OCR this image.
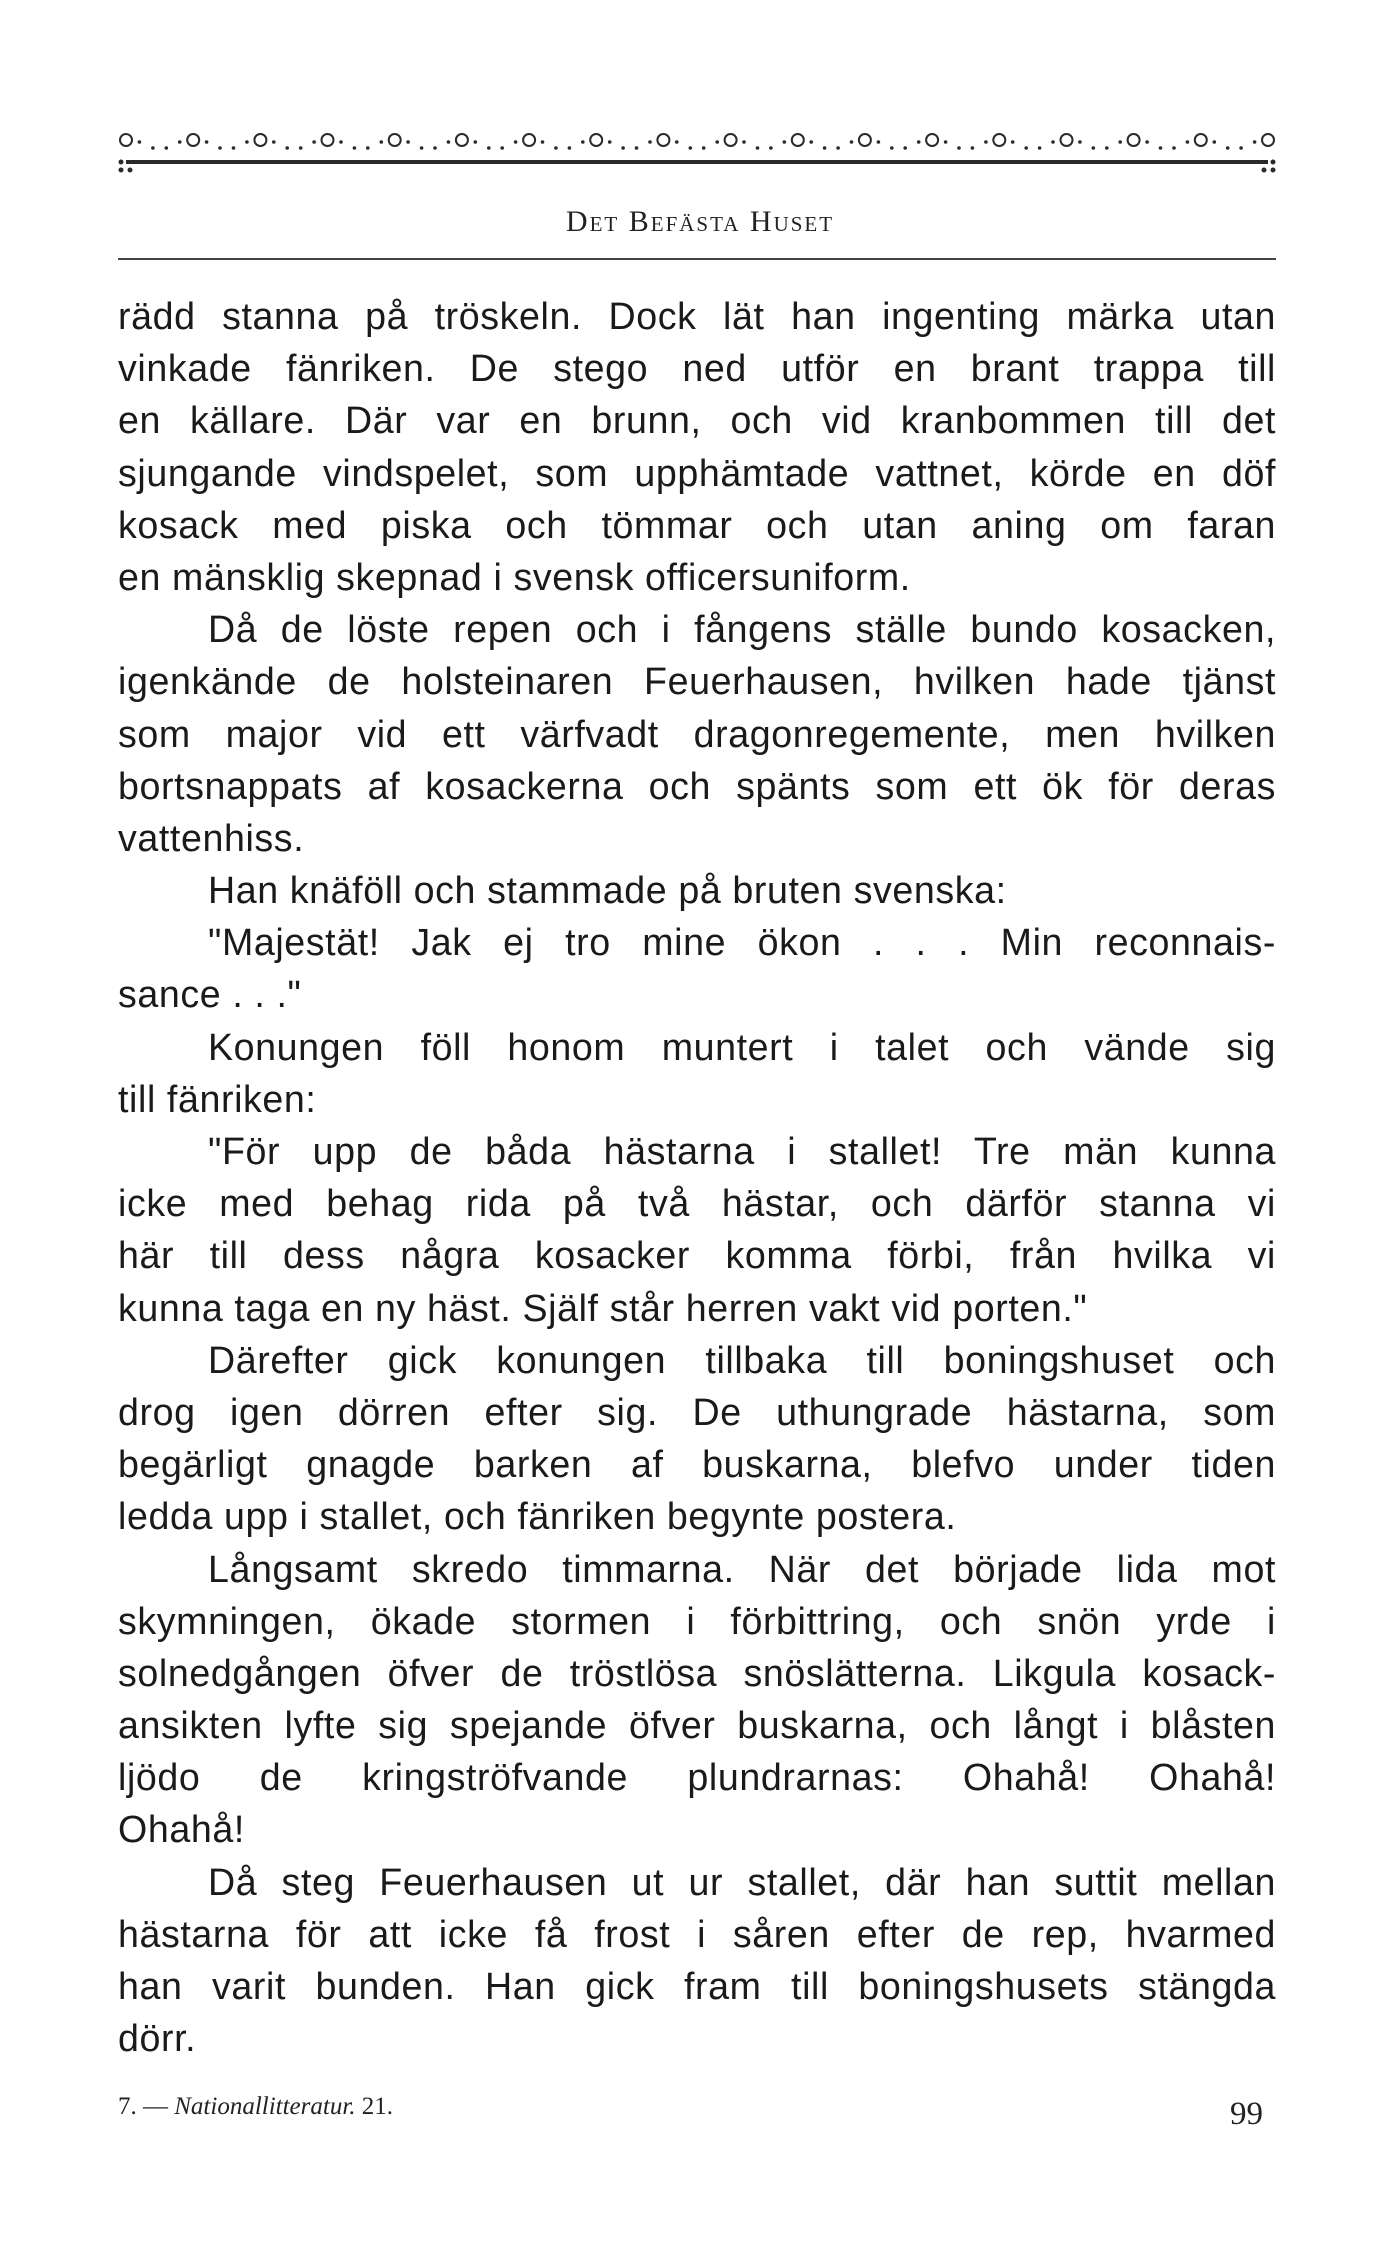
Det Befästa Huset
rädd stanna på tröskeln. Dock lät han ingenting märka utan
vinkade fänriken. De stego ned utför en brant trappa till
en källare. Där var en brunn, och vid kranbommen till det
sjungande vindspelet, som upphämtade vattnet, körde en döf
kosack med piska och tömmar och utan aning om faran
en mänsklig skepnad i svensk officersuniform.
Då de löste repen och i fångens ställe bundo kosacken,
igenkände de holsteinaren Feuerhausen, hvilken hade tjänst
som major vid ett värfvadt dragonregemente, men hvilken
bortsnappats af kosackerna och spänts som ett ök för deras
vattenhiss.
Han knäföll och stammade på bruten svenska:
"Majestät! Jak ej tro mine ökon . . . Min reconnais-
sance . . ."
Konungen föll honom muntert i talet och vände sig
till fänriken:
"För upp de båda hästarna i stallet! Tre män kunna
icke med behag rida på två hästar, och därför stanna vi
här till dess några kosacker komma förbi, från hvilka vi
kunna taga en ny häst. Själf står herren vakt vid porten."
Därefter gick konungen tillbaka till boningshuset och
drog igen dörren efter sig. De uthungrade hästarna, som
begärligt gnagde barken af buskarna, blefvo under tiden
ledda upp i stallet, och fänriken begynte postera.
Långsamt skredo timmarna. När det började lida mot
skymningen, ökade stormen i förbittring, och snön yrde i
solnedgången öfver de tröstlösa snöslätterna. Likgula kosack-
ansikten lyfte sig spejande öfver buskarna, och långt i blåsten
ljödo de kringströfvande plundrarnas: Ohahå! Ohahå!
Ohahå!
Då steg Feuerhausen ut ur stallet, där han suttit mellan
hästarna för att icke få frost i såren efter de rep, hvarmed
han varit bunden. Han gick fram till boningshusets stängda
dörr.
7. — Nationallitteratur. 21.	99
